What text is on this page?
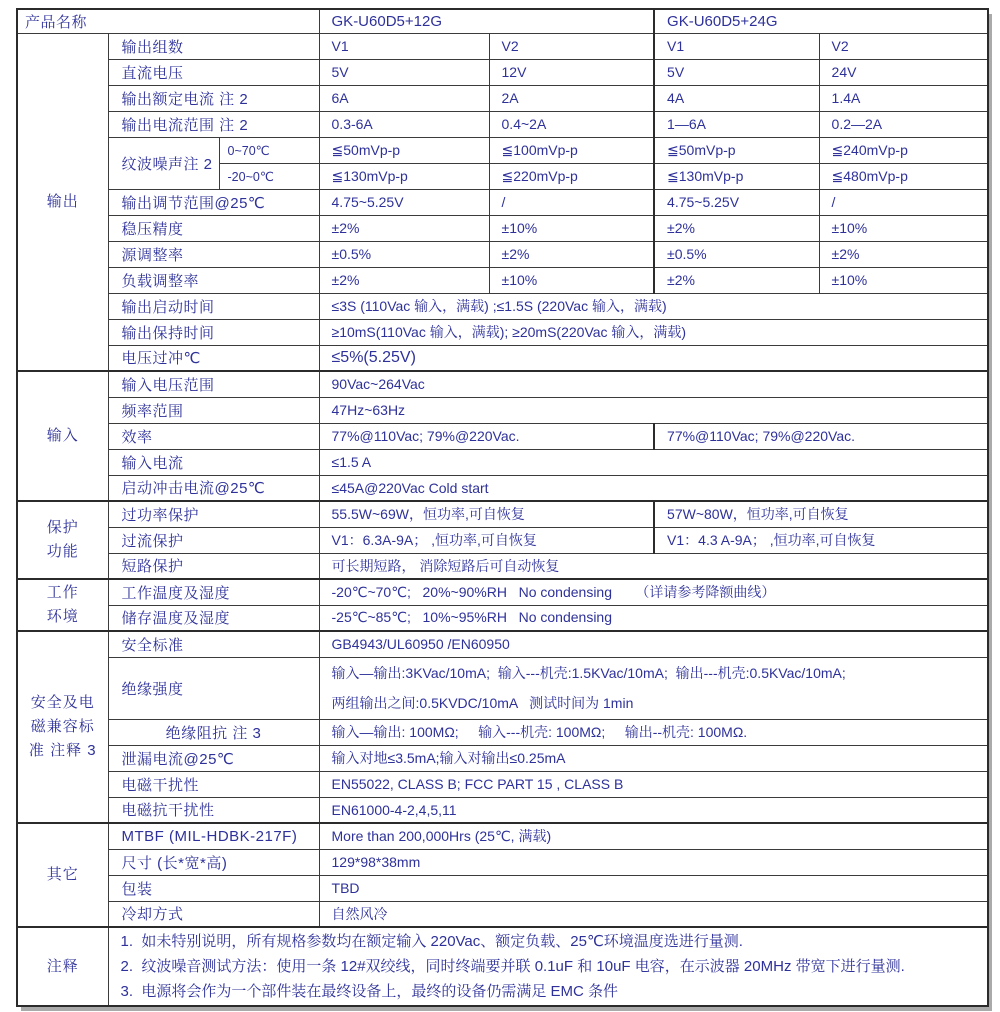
产品名称			GK-U60D5+12G		GK-U60D5+24G	

输出	输出组数		V1	V2	V1	V2
	直流电压		5V	12V	5V	24V
	输出额定电流 注 2		6A	2A	4A	1.4A
	输出电流范围 注 2		0.3-6A	0.4~2A	1—6A	0.2—2A
	纹波噪声注 2	0~70℃	≦50mVp-p	≦100mVp-p	≦50mVp-p	≦240mVp-p
		-20~0℃	≦130mVp-p	≦220mVp-p	≦130mVp-p	≦480mVp-p
	输出调节范围@25℃		4.75~5.25V	/	4.75~5.25V	/
	稳压精度		±2%	±10%	±2%	±10%
	源调整率		±0.5%	±2%	±0.5%	±2%
	负载调整率		±2%	±10%	±2%	±10%
	输出启动时间		≤3S (110Vac 输入，满载) ;≤1.5S (220Vac 输入，满载)			
	输出保持时间		≥10mS(110Vac 输入，满载); ≥20mS(220Vac 输入，满载)			
	电压过冲℃		≤5%(5.25V)			

输入	输入电压范围		90Vac~264Vac			
	频率范围		47Hz~63Hz			
	效率		77%@110Vac; 79%@220Vac.		77%@110Vac; 79%@220Vac.	
	输入电流		≤1.5 A			
	启动冲击电流@25℃		≤45A@220Vac Cold start			

保护
功能	过功率保护		55.5W~69W，恒功率,可自恢复		57W~80W，恒功率,可自恢复	
	过流保护		V1：6.3A-9A； ,恒功率,可自恢复		V1：4.3 A-9A； ,恒功率,可自恢复	
	短路保护		可长期短路， 消除短路后可自动恢复			

工作
环境	工作温度及湿度		-20℃~70℃;   20%~90%RH   No condensing      （详请参考降额曲线）			
	储存温度及湿度		-25℃~85℃;   10%~95%RH   No condensing			

安全及电
磁兼容标
准 注释 3	安全标准		GB4943/UL60950 /EN60950			
	绝缘强度		输入—输出:3KVac/10mA;  输入---机壳:1.5KVac/10mA;  输出---机壳:0.5KVac/10mA;
两组输出之间:0.5KVDC/10mA   测试时间为 1min			

	绝缘阻抗 注 3		输入—输出: 100MΩ;     输入---机壳: 100MΩ;     输出--机壳: 100MΩ.			
	泄漏电流@25℃		输入对地≤3.5mA;输入对输出≤0.25mA			
	电磁干扰性		EN55022, CLASS B; FCC PART 15 , CLASS B			
	电磁抗干扰性		EN61000-4-2,4,5,11			

其它	MTBF (MIL-HDBK-217F)		More than 200,000Hrs (25℃, 满载)			
	尺寸 (长*宽*高)		129*98*38mm			
	包装		TBD			
	冷却方式		自然风冷			

注释	1.  如未特别说明，所有规格参数均在额定输入 220Vac、额定负载、25℃环境温度选进行量测.
2.  纹波噪音测试方法：使用一条 12#双绞线，同时终端要并联 0.1uF 和 10uF 电容，在示波器 20MHz 带宽下进行量测.
3.  电源将会作为一个部件装在最终设备上，最终的设备仍需满足 EMC 条件					
